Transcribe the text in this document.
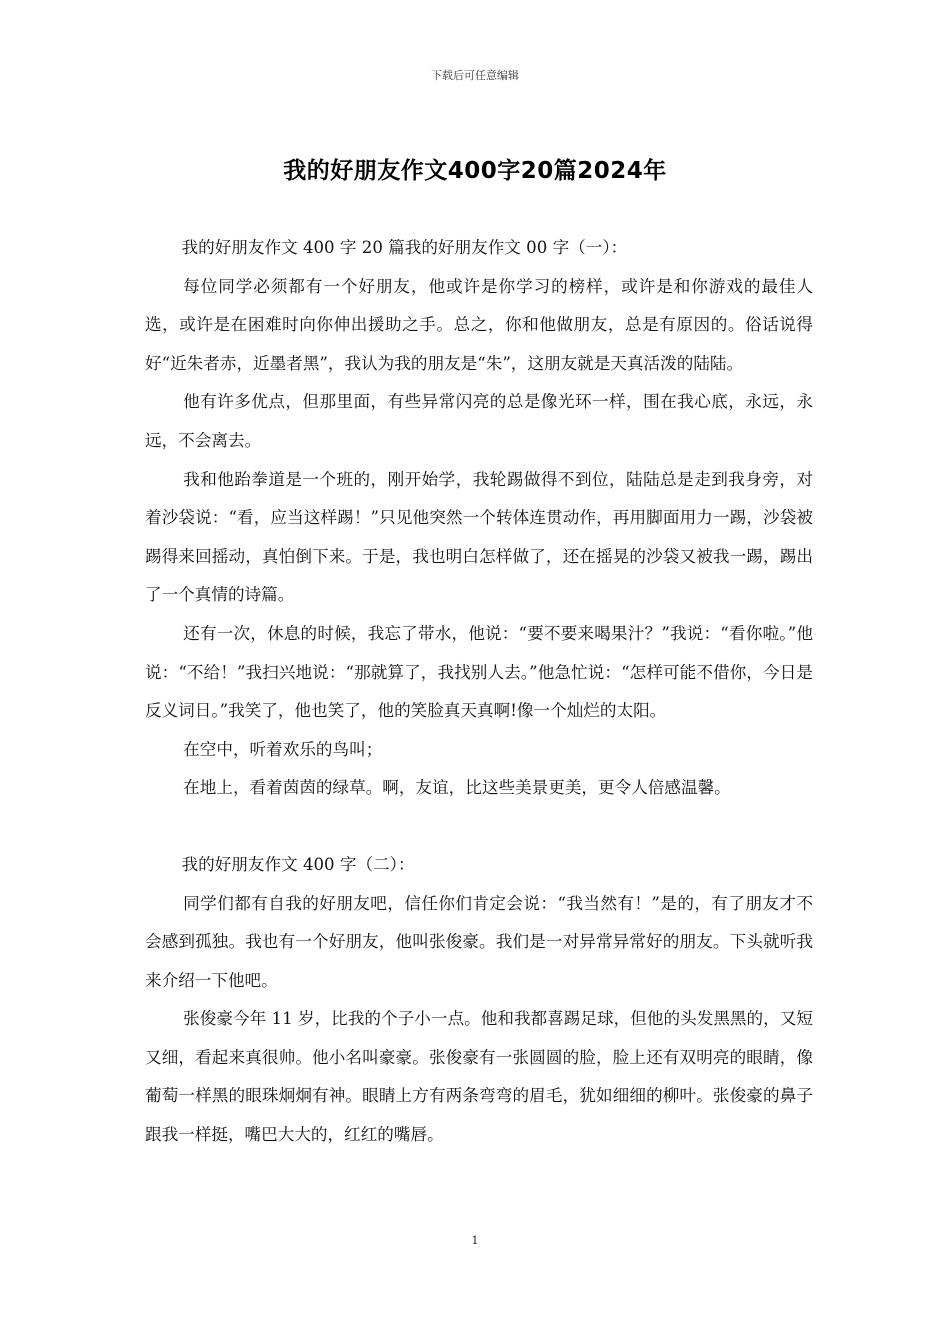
下载后可任意编辑
我的好朋友作文400字20篇2024年

我的好朋友作文 400 字 20 篇我的好朋友作文 00 字（一）：

每位同学必须都有一个好朋友，他或许是你学习的榜样，或许是和你游戏的最佳人选，或许是在困难时向你伸出援助之手。总之，你和他做朋友，总是有原因的。俗话说得好“近朱者赤，近墨者黑”，我认为我的朋友是“朱”，这朋友就是天真活泼的陆陆。

他有许多优点，但那里面，有些异常闪亮的总是像光环一样，围在我心底，永远，永远，不会离去。

我和他跆拳道是一个班的，刚开始学，我轮踢做得不到位，陆陆总是走到我身旁，对着沙袋说：“看，应当这样踢！”只见他突然一个转体连贯动作，再用脚面用力一踢，沙袋被踢得来回摇动，真怕倒下来。于是，我也明白怎样做了，还在摇晃的沙袋又被我一踢，踢出了一个真情的诗篇。

还有一次，休息的时候，我忘了带水，他说：“要不要来喝果汁？”我说：“看你啦。”他说：“不给！”我扫兴地说：“那就算了，我找别人去。”他急忙说：“怎样可能不借你，今日是反义词日。”我笑了，他也笑了，他的笑脸真天真啊!像一个灿烂的太阳。

在空中，听着欢乐的鸟叫；

在地上，看着茵茵的绿草。啊，友谊，比这些美景更美，更令人倍感温馨。

我的好朋友作文 400 字（二）：

同学们都有自我的好朋友吧，信任你们肯定会说：“我当然有！”是的，有了朋友才不会感到孤独。我也有一个好朋友，他叫张俊豪。我们是一对异常异常好的朋友。下头就听我来介绍一下他吧。

张俊豪今年 11 岁，比我的个子小一点。他和我都喜踢足球，但他的头发黑黑的，又短又细，看起来真很帅。他小名叫豪豪。张俊豪有一张圆圆的脸，脸上还有双明亮的眼睛，像葡萄一样黑的眼珠炯炯有神。眼睛上方有两条弯弯的眉毛，犹如细细的柳叶。张俊豪的鼻子跟我一样挺，嘴巴大大的，红红的嘴唇。

1
